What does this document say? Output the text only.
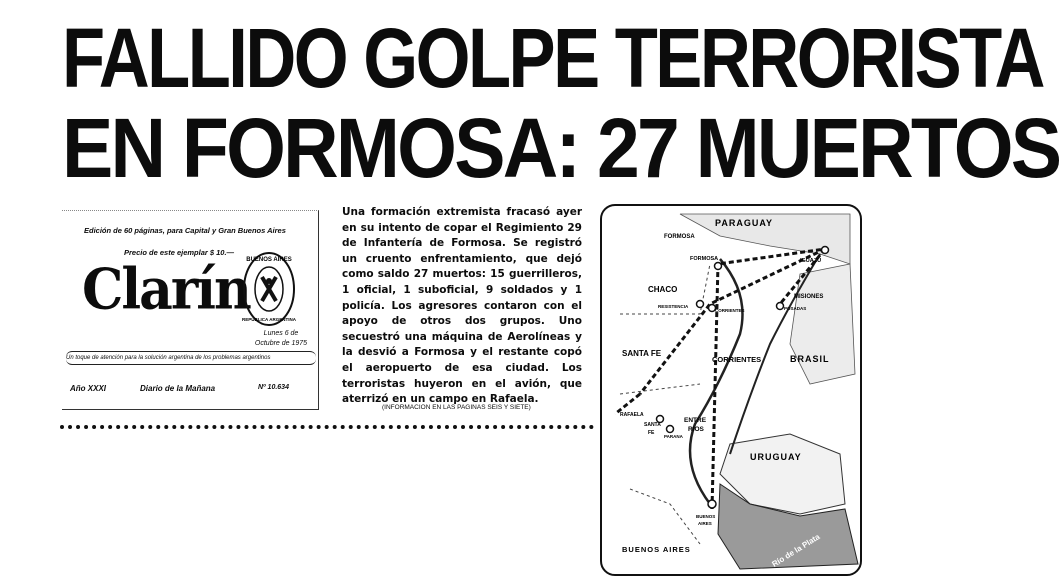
FALLIDO GOLPE TERRORISTA
EN FORMOSA: 27 MUERTOS
Edición de 60 páginas, para Capital y Gran Buenos Aires
Precio de este ejemplar $ 10.—
Clarín
BUENOS AIRES
REPUBLICA ARGENTINA
Lunes 6 de
Octubre de 1975
Un toque de atención para la solución argentina de los problemas argentinos
Año XXXI	Diario de la Mañana	Nº 10.634

Una formación extremista fracasó ayer en su intento de copar el Regimiento 29 de Infantería de Formosa. Se registró un cruento enfrentamiento, que dejó como saldo 27 muertos: 15 guerrilleros, 1 oficial, 1 suboficial, 9 soldados y 1 policía. Los agresores contaron con el apoyo de otros dos grupos. Uno secuestró una máquina de Aerolíneas y la desvió a Formosa y el restante copó el aeropuerto de esa ciudad. Los terroristas huyeron en el avión, que aterrizó en un campo en Rafaela.

(INFORMACION EN LAS PAGINAS SEIS Y SIETE)
PARAGUAY
FORMOSA
FORMOSA	IGUAZU
CHACO
RESISTENCIA
CORRIENTES
MISIONES
POSADAS
SANTA FE
CORRIENTES	BRASIL
RAFAELA
SANTA
FE
PARANA
ENTRE
RIOS
URUGUAY
BUENOS
AIRES
BUENOS AIRES	Río de la Plata
